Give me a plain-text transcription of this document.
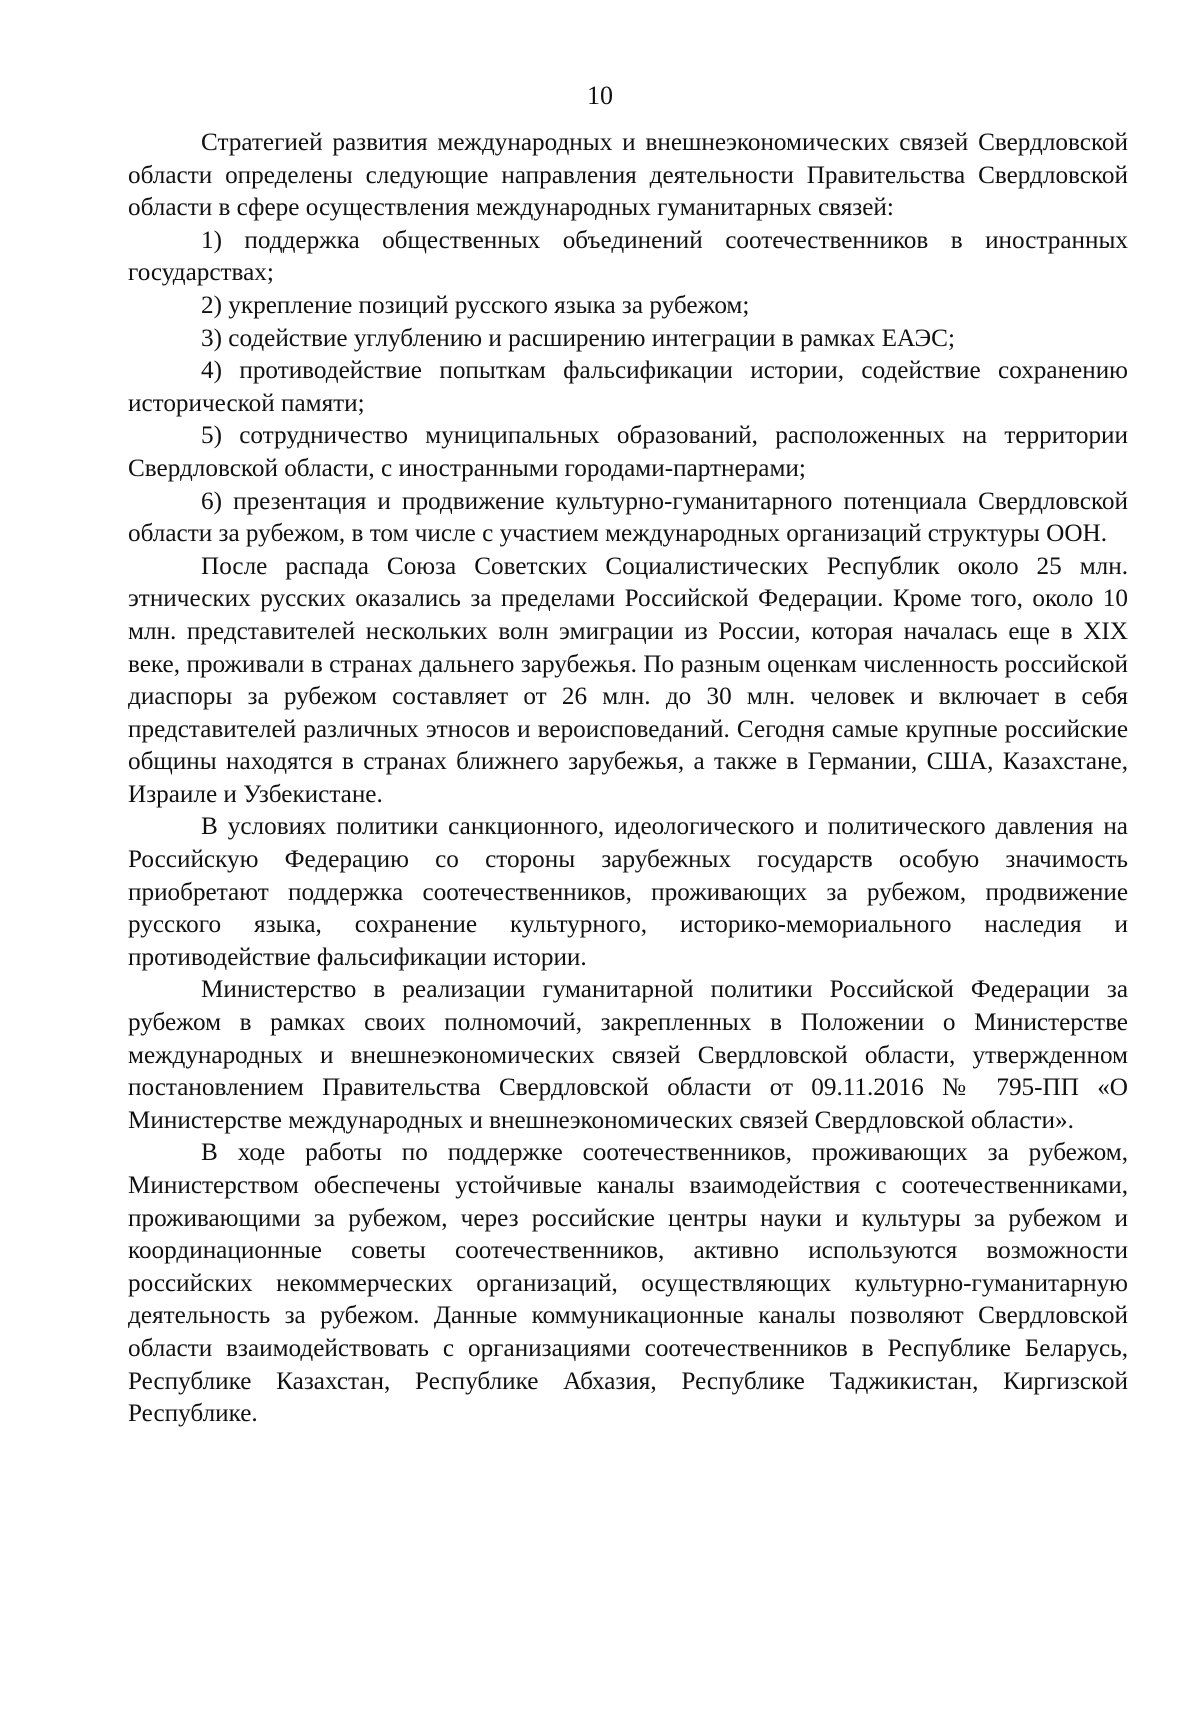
10

Стратегией развития международных и внешнеэкономических связей Свердловской области определены следующие направления деятельности Правительства Свердловской области в сфере осуществления международных гуманитарных связей:

1) поддержка общественных объединений соотечественников в иностранных государствах;

2) укрепление позиций русского языка за рубежом;

3) содействие углублению и расширению интеграции в рамках ЕАЭС;

4) противодействие попыткам фальсификации истории, содействие сохранению исторической памяти;

5) сотрудничество муниципальных образований, расположенных на территории Свердловской области, с иностранными городами-партнерами;

6) презентация и продвижение культурно-гуманитарного потенциала Свердловской области за рубежом, в том числе с участием международных организаций структуры ООН.

После распада Союза Советских Социалистических Республик около 25 млн. этнических русских оказались за пределами Российской Федерации. Кроме того, около 10 млн. представителей нескольких волн эмиграции из России, которая началась еще в XIX веке, проживали в странах дальнего зарубежья. По разным оценкам численность российской диаспоры за рубежом составляет от 26 млн. до 30 млн. человек и включает в себя представителей различных этносов и вероисповеданий. Сегодня самые крупные российские общины находятся в странах ближнего зарубежья, а также в Германии, США, Казахстане, Израиле и Узбекистане.

В условиях политики санкционного, идеологического и политического давления на Российскую Федерацию со стороны зарубежных государств особую значимость приобретают поддержка соотечественников, проживающих за рубежом, продвижение русского языка, сохранение культурного, историко-мемориального наследия и противодействие фальсификации истории.

Министерство в реализации гуманитарной политики Российской Федерации за рубежом в рамках своих полномочий, закрепленных в Положении о Министерстве международных и внешнеэкономических связей Свердловской области, утвержденном постановлением Правительства Свердловской области от 09.11.2016 № 795-ПП «О Министерстве международных и внешнеэкономических связей Свердловской области».

В ходе работы по поддержке соотечественников, проживающих за рубежом, Министерством обеспечены устойчивые каналы взаимодействия с соотечественниками, проживающими за рубежом, через российские центры науки и культуры за рубежом и координационные советы соотечественников, активно используются возможности российских некоммерческих организаций, осуществляющих культурно-гуманитарную деятельность за рубежом. Данные коммуникационные каналы позволяют Свердловской области взаимодействовать с организациями соотечественников в Республике Беларусь, Республике Казахстан, Республике Абхазия, Республике Таджикистан, Киргизской Республике.
